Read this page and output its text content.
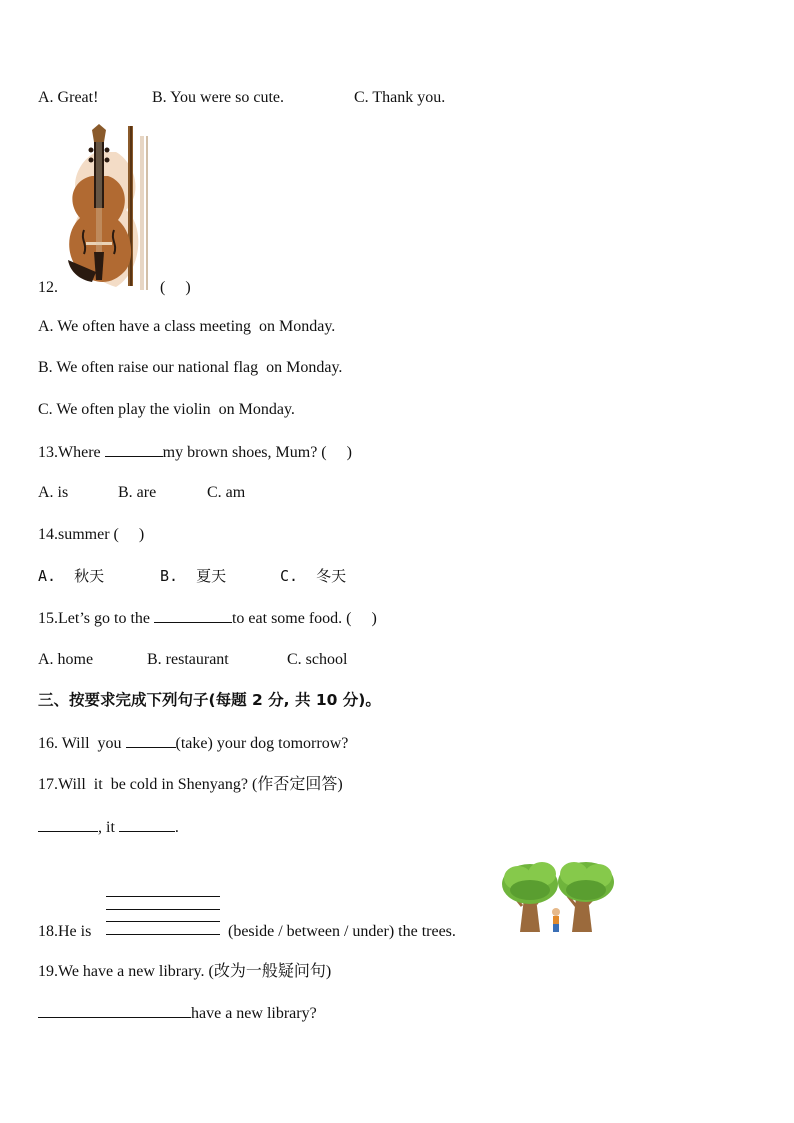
A. Great!	B. You were so cute.	C. Thank you.
12.	(     )
A. We often have a class meeting  on Monday.
B. We often raise our national flag  on Monday.
C. We often play the violin  on Monday.
13.Where	my brown shoes, Mum? (     )
A. is	B. are	C. am
14.summer (     )
A.  秋天	B.  夏天	C.  冬天
15.Let’s go to the	to eat some food. (     )
A. home	B. restaurant	C. school
三、按要求完成下列句子(每题 2 分, 共 10 分)。
16. Will  you	(take) your dog tomorrow?
17.Will  it  be cold in Shenyang? (作否定回答)
, it	.
18.He is	(beside / between / under) the trees.
19.We have a new library. (改为一般疑问句)
have a new library?
